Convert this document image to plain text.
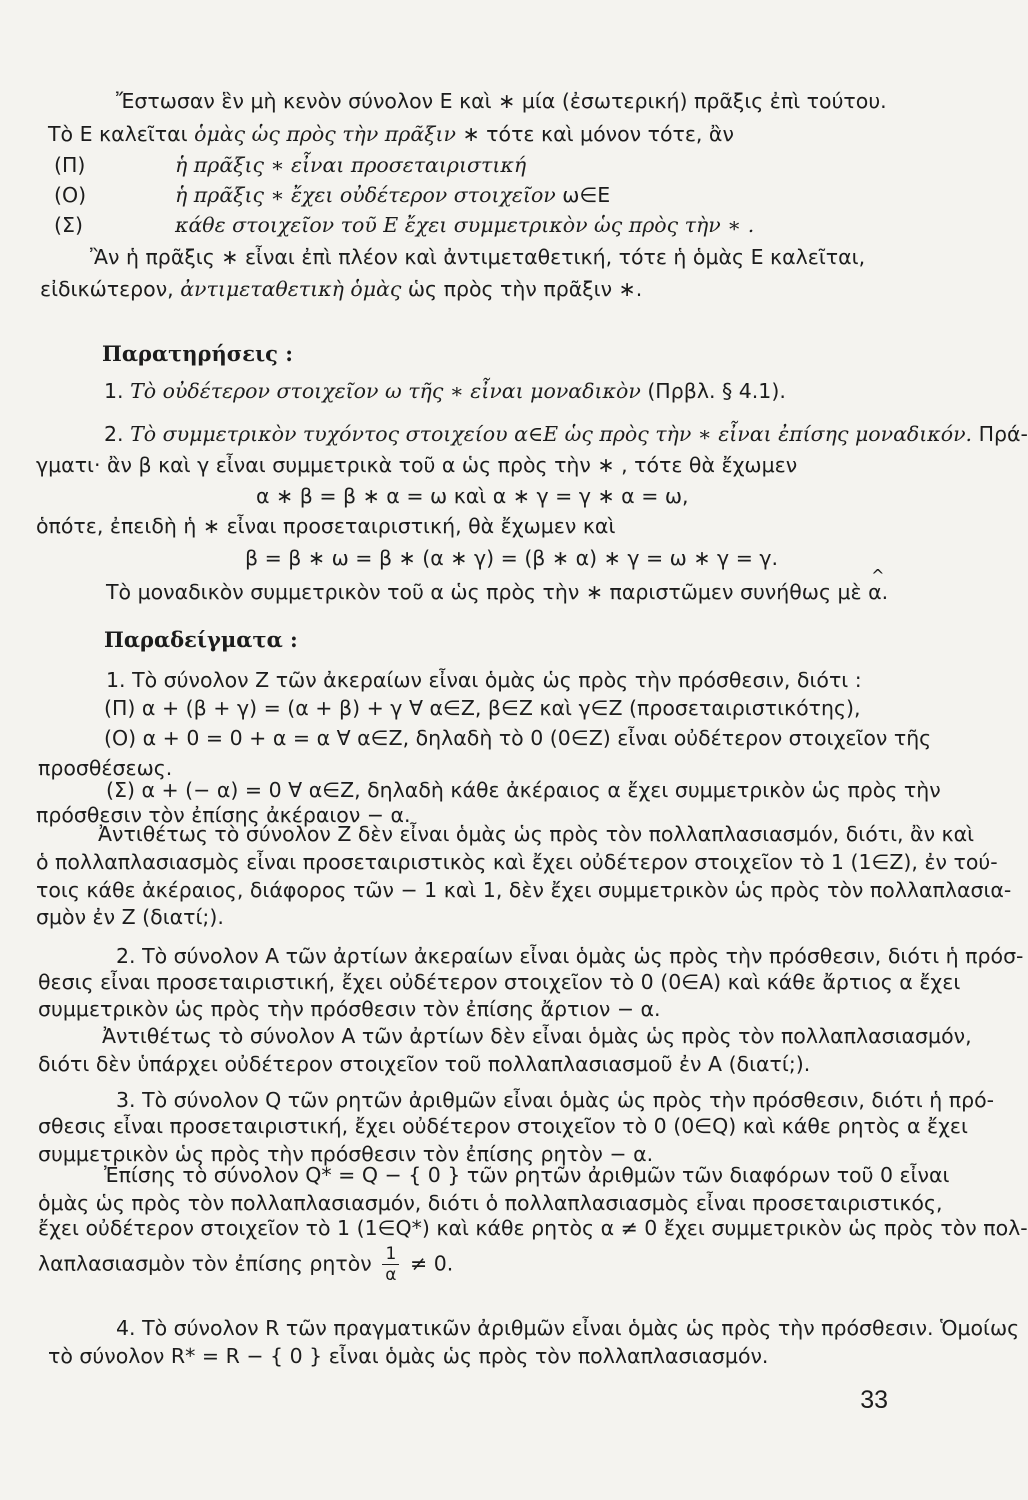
Ἔστωσαν ἓν μὴ κενὸν σύνολον Ε καὶ ∗ μία (ἐσωτερική) πρᾶξις ἐπὶ τούτου.
Τὸ Ε καλεῖται ὁμὰς ὡς πρὸς τὴν πρᾶξιν ∗ τότε καὶ μόνον τότε, ἂν
(Π)	ἡ πρᾶξις ∗ εἶναι προσεταιριστική
(Ο)	ἡ πρᾶξις ∗ ἔχει οὐδέτερον στοιχεῖον ω∈Ε
(Σ)	κάθε στοιχεῖον τοῦ Ε ἔχει συμμετρικὸν ὡς πρὸς τὴν ∗ .
Ἂν ἡ πρᾶξις ∗ εἶναι ἐπὶ πλέον καὶ ἀντιμεταθετική, τότε ἡ ὁμὰς Ε καλεῖται,
εἰδικώτερον, ἀντιμεταθετικὴ ὁμὰς ὡς πρὸς τὴν πρᾶξιν ∗.
Παρατηρήσεις :
1. Τὸ οὐδέτερον στοιχεῖον ω τῆς ∗ εἶναι μοναδικὸν (Πρβλ. § 4.1).
2. Τὸ συμμετρικὸν τυχόντος στοιχείου α∈Ε ὡς πρὸς τὴν ∗ εἶναι ἐπίσης μοναδικόν. Πρά-
γματι· ἂν β καὶ γ εἶναι συμμετρικὰ τοῦ α ὡς πρὸς τὴν ∗ , τότε θὰ ἔχωμεν
α ∗ β = β ∗ α = ω καὶ α ∗ γ = γ ∗ α = ω,
ὁπότε, ἐπειδὴ ἡ ∗ εἶναι προσεταιριστική, θὰ ἔχωμεν καὶ
β = β ∗ ω = β ∗ (α ∗ γ) = (β ∗ α) ∗ γ = ω ∗ γ = γ.
Τὸ μοναδικὸν συμμετρικὸν τοῦ α ὡς πρὸς τὴν ∗ παριστῶμεν συνήθως μὲ ^ α.
Παραδείγματα :
1. Τὸ σύνολον Ζ τῶν ἀκεραίων εἶναι ὁμὰς ὡς πρὸς τὴν πρόσθεσιν, διότι :
(Π) α + (β + γ) = (α + β) + γ ∀ α∈Ζ, β∈Ζ καὶ γ∈Ζ (προσεταιριστικότης),
(Ο) α + 0 = 0 + α = α ∀ α∈Ζ, δηλαδὴ τὸ 0 (0∈Ζ) εἶναι οὐδέτερον στοιχεῖον τῆς
προσθέσεως.
(Σ) α + (− α) = 0 ∀ α∈Ζ, δηλαδὴ κάθε ἀκέραιος α ἔχει συμμετρικὸν ὡς πρὸς τὴν
πρόσθεσιν τὸν ἐπίσης ἀκέραιον − α.
Ἀντιθέτως τὸ σύνολον Ζ δὲν εἶναι ὁμὰς ὡς πρὸς τὸν πολλαπλασιασμόν, διότι, ἂν καὶ
ὁ πολλαπλασιασμὸς εἶναι προσεταιριστικὸς καὶ ἔχει οὐδέτερον στοιχεῖον τὸ 1 (1∈Ζ), ἐν τού-
τοις κάθε ἀκέραιος, διάφορος τῶν − 1 καὶ 1, δὲν ἔχει συμμετρικὸν ὡς πρὸς τὸν πολλαπλασια-
σμὸν ἐν Ζ (διατί;).
2. Τὸ σύνολον Α τῶν ἀρτίων ἀκεραίων εἶναι ὁμὰς ὡς πρὸς τὴν πρόσθεσιν, διότι ἡ πρόσ-
θεσις εἶναι προσεταιριστική, ἔχει οὐδέτερον στοιχεῖον τὸ 0 (0∈Α) καὶ κάθε ἄρτιος α ἔχει
συμμετρικὸν ὡς πρὸς τὴν πρόσθεσιν τὸν ἐπίσης ἄρτιον − α.
Ἀντιθέτως τὸ σύνολον Α τῶν ἀρτίων δὲν εἶναι ὁμὰς ὡς πρὸς τὸν πολλαπλασιασμόν,
διότι δὲν ὑπάρχει οὐδέτερον στοιχεῖον τοῦ πολλαπλασιασμοῦ ἐν Α (διατί;).
3. Τὸ σύνολον Q τῶν ρητῶν ἀριθμῶν εἶναι ὁμὰς ὡς πρὸς τὴν πρόσθεσιν, διότι ἡ πρό-
σθεσις εἶναι προσεταιριστική, ἔχει οὐδέτερον στοιχεῖον τὸ 0 (0∈Q) καὶ κάθε ρητὸς α ἔχει
συμμετρικὸν ὡς πρὸς τὴν πρόσθεσιν τὸν ἐπίσης ρητὸν − α.
Ἐπίσης τὸ σύνολον Q* = Q − { 0 } τῶν ρητῶν ἀριθμῶν τῶν διαφόρων τοῦ 0 εἶναι
ὁμὰς ὡς πρὸς τὸν πολλαπλασιασμόν, διότι ὁ πολλαπλασιασμὸς εἶναι προσεταιριστικός,
ἔχει οὐδέτερον στοιχεῖον τὸ 1 (1∈Q*) καὶ κάθε ρητὸς α ≠ 0 ἔχει συμμετρικὸν ὡς πρὸς τὸν πολ-
λαπλασιασμὸν τὸν ἐπίσης ρητὸν $\frac{1}{\alpha} \ne 0$.
4. Τὸ σύνολον R τῶν πραγματικῶν ἀριθμῶν εἶναι ὁμὰς ὡς πρὸς τὴν πρόσθεσιν. Ὁμοίως
τὸ σύνολον R* = R − { 0 } εἶναι ὁμὰς ὡς πρὸς τὸν πολλαπλασιασμόν.
33
